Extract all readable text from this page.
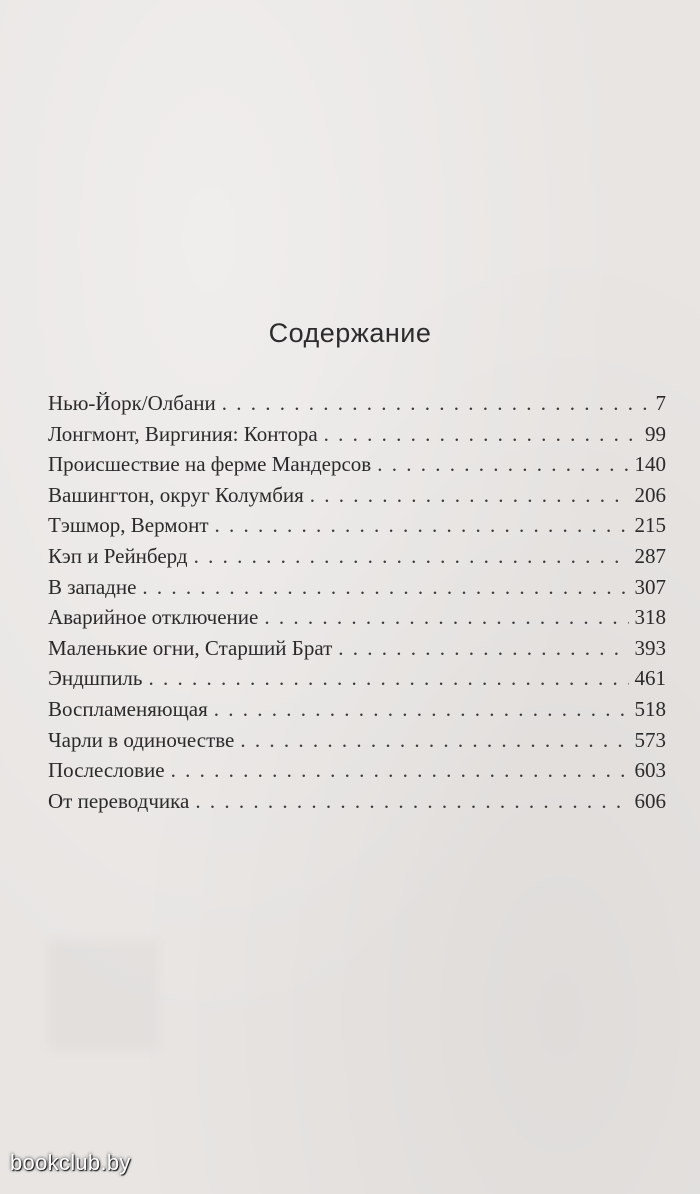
Содержание
Нью-Йорк/Олбани . . .	7
Лонгмонт, Виргиния: Контора . . .	99
Происшествие на ферме Мандерсов . . .	140
Вашингтон, округ Колумбия . . .	206
Тэшмор, Вермонт . . .	215
Кэп и Рейнберд . . .	287
В западне . . .	307
Аварийное отключение . . .	318
Маленькие огни, Старший Брат . . .	393
Эндшпиль . . .	461
Воспламеняющая . . .	518
Чарли в одиночестве . . .	573
Послесловие . . .	603
От переводчика . . .	606
bookclub.by
